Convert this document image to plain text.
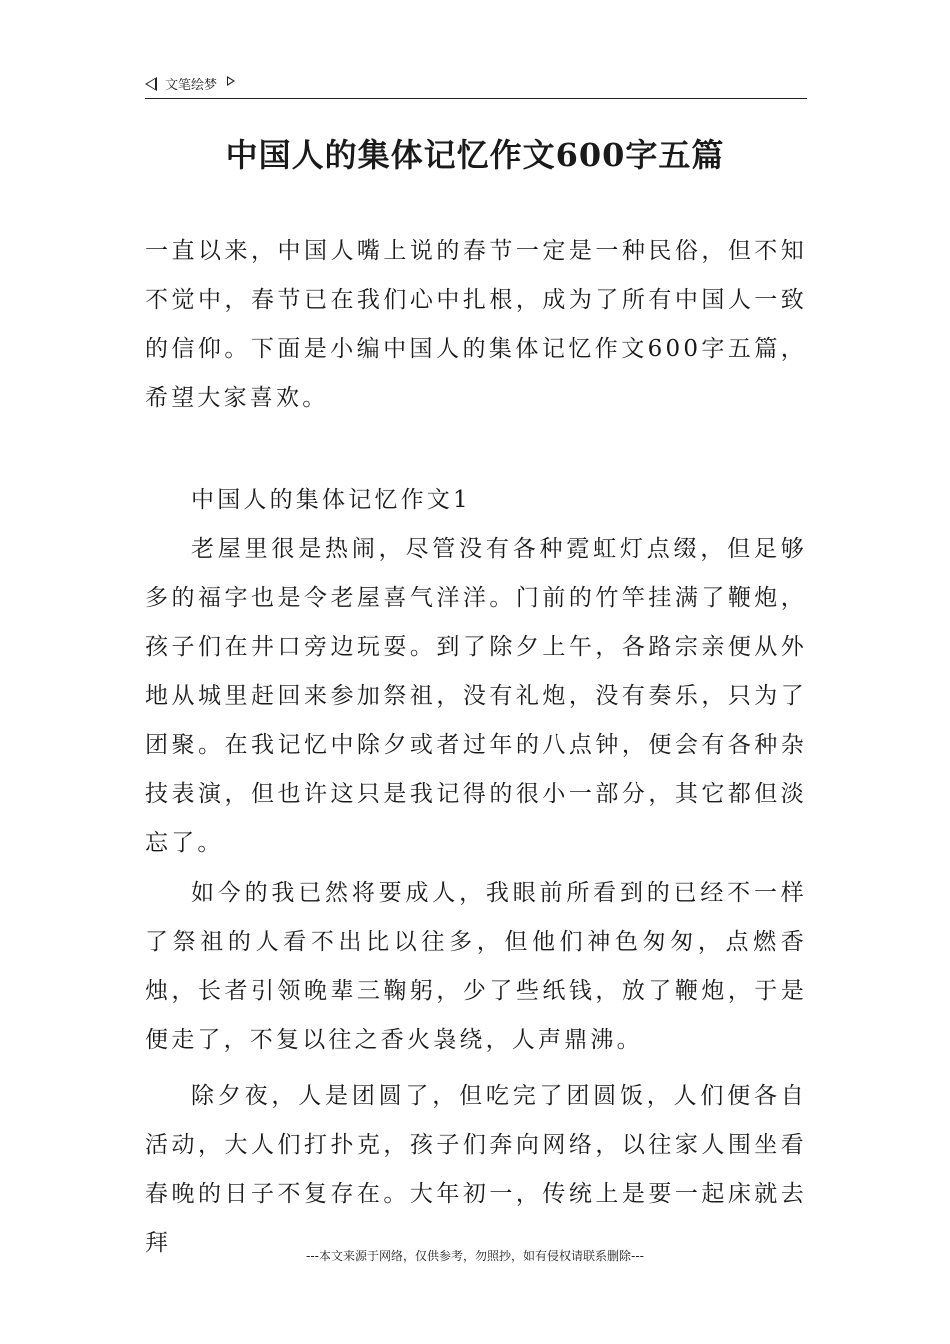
文笔绘梦
中国人的集体记忆作文600字五篇

一直以来，中国人嘴上说的春节一定是一种民俗，但不知不觉中，春节已在我们心中扎根，成为了所有中国人一致的信仰。下面是小编中国人的集体记忆作文600字五篇，希望大家喜欢。

中国人的集体记忆作文1

老屋里很是热闹，尽管没有各种霓虹灯点缀，但足够多的福字也是令老屋喜气洋洋。门前的竹竿挂满了鞭炮，孩子们在井口旁边玩耍。到了除夕上午，各路宗亲便从外地从城里赶回来参加祭祖，没有礼炮，没有奏乐，只为了团聚。在我记忆中除夕或者过年的八点钟，便会有各种杂技表演，但也许这只是我记得的很小一部分，其它都但淡忘了。

如今的我已然将要成人，我眼前所看到的已经不一样了祭祖的人看不出比以往多，但他们神色匆匆，点燃香烛，长者引领晚辈三鞠躬，少了些纸钱，放了鞭炮，于是便走了，不复以往之香火袅绕，人声鼎沸。

除夕夜，人是团圆了，但吃完了团圆饭，人们便各自活动，大人们打扑克，孩子们奔向网络，以往家人围坐看春晚的日子不复存在。大年初一，传统上是要一起床就去拜	---本文来源于网络，仅供参考，勿照抄，如有侵权请联系删除---
